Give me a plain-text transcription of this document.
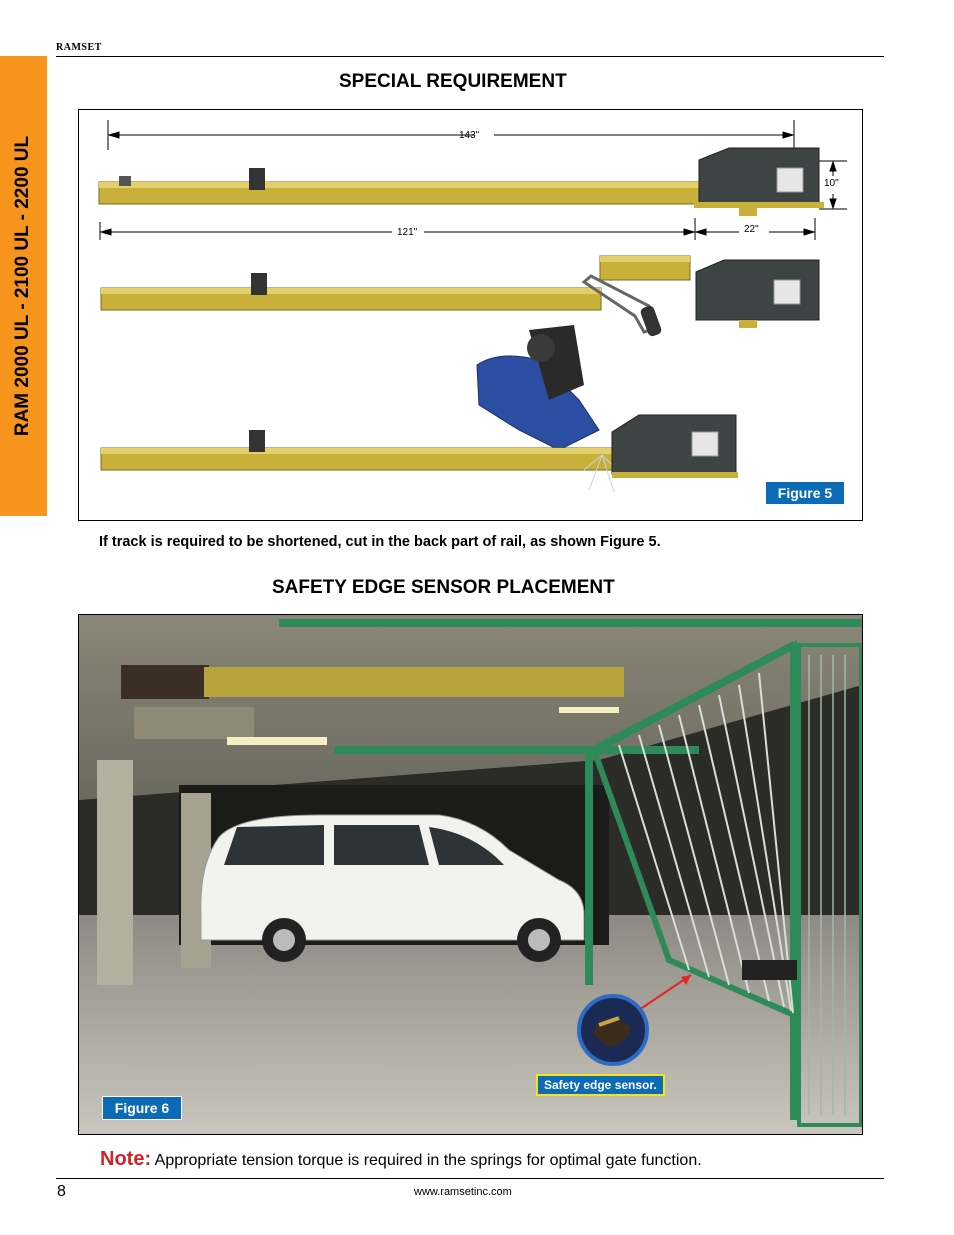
RAMSET
RAM 2000 UL - 2100 UL - 2200 UL
SPECIAL REQUIREMENT
143"
121"	22"
10"
Figure 5
If track is required to be shortened, cut in the back part of rail, as shown Figure 5.
SAFETY EDGE SENSOR PLACEMENT
Safety edge sensor.
Figure 6
Note: Appropriate tension torque is required in the springs for optimal gate function.
8	www.ramsetinc.com
